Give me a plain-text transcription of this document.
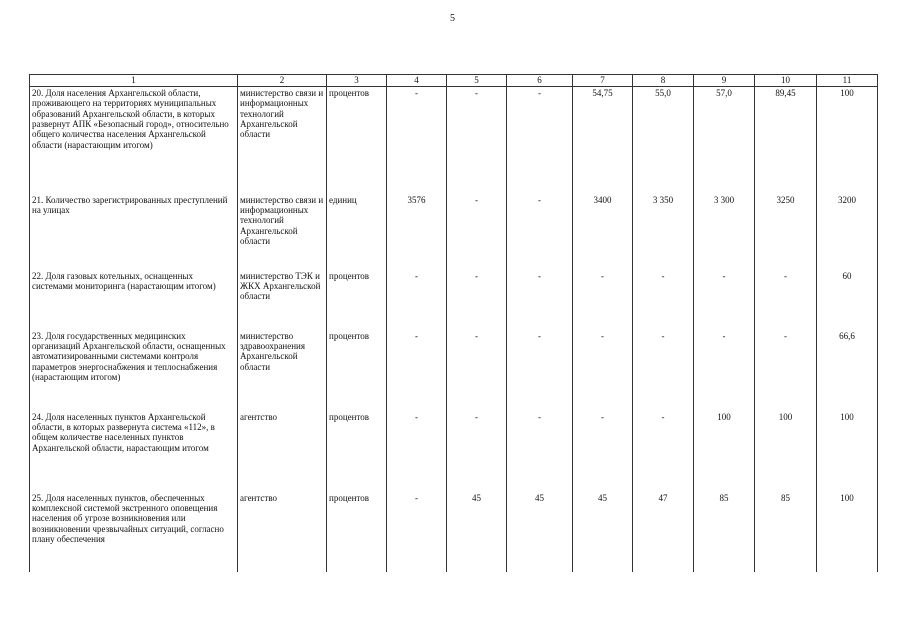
5
1	2	3	4	5	6	7	8	9	10	11
20. Доля населения Архангельской области, проживающего на территориях муниципальных образований Архангельской области, в которых развернут АПК «Безопасный город», относительно общего количества населения Архангельской области (нарастающим итогом)	министерство связи и информационных технологий Архангельской области	процентов	-	-	-	54,75	55,0	57,0	89,45	100
21. Количество зарегистрированных преступлений на улицах	министерство связи и информационных технологий Архангельской области	единиц	3576	-	-	3400	3 350	3 300	3250	3200
22. Доля газовых котельных, оснащенных системами мониторинга (нарастающим итогом)	министерство ТЭК и ЖКХ Архангельской области	процентов	-	-	-	-	-	-	-	60
23. Доля государственных медицинских организаций Архангельской области, оснащенных автоматизированными системами контроля параметров энергоснабжения и теплоснабжения (нарастающим итогом)	министерство здравоохранения Архангельской области	процентов	-	-	-	-	-	-	-	66,6
24. Доля населенных пунктов Архангельской области, в которых развернута система «112», в общем количестве населенных пунктов Архангельской области, нарастающим итогом	агентство	процентов	-	-	-	-	-	100	100	100
25. Доля населенных пунктов, обеспеченных комплексной системой экстренного оповещения населения об угрозе возникновения или возникновении чрезвычайных ситуаций, согласно плану обеспечения	агентство	процентов	-	45	45	45	47	85	85	100
